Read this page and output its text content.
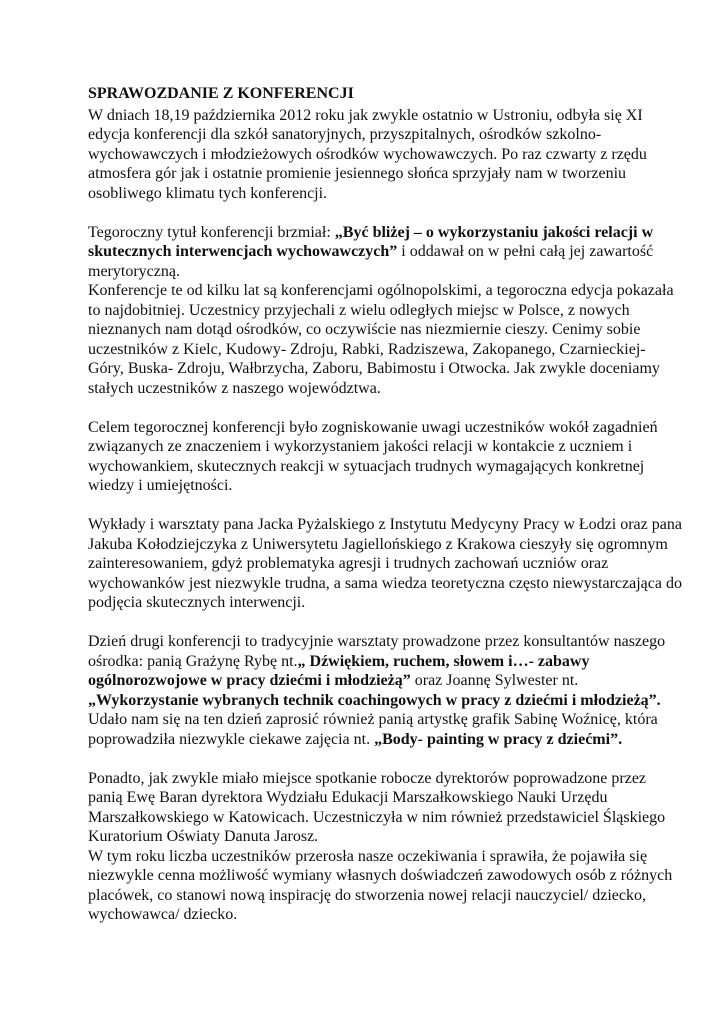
SPRAWOZDANIE Z KONFERENCJI

W dniach 18,19 października 2012 roku jak zwykle ostatnio w Ustroniu, odbyła się XI edycja konferencji dla szkół sanatoryjnych, przyszpitalnych, ośrodków szkolno-wychowawczych i młodzieżowych ośrodków wychowawczych. Po raz czwarty z rzędu atmosfera gór jak i ostatnie promienie jesiennego słońca sprzyjały nam w tworzeniu osobliwego klimatu tych konferencji.

Tegoroczny tytuł konferencji brzmiał: „Być bliżej – o wykorzystaniu jakości relacji w skutecznych interwencjach wychowawczych” i oddawał on w pełni całą jej zawartość merytoryczną.

Konferencje te od kilku lat są konferencjami ogólnopolskimi, a tegoroczna edycja pokazała to najdobitniej. Uczestnicy przyjechali z wielu odległych miejsc w Polsce, z nowych nieznanych nam dotąd ośrodków, co oczywiście nas niezmiernie cieszy. Cenimy sobie uczestników z Kielc, Kudowy- Zdroju, Rabki, Radziszewa, Zakopanego, Czarnieckiej- Góry, Buska- Zdroju, Wałbrzycha, Zaboru, Babimostu i Otwocka. Jak zwykle doceniamy stałych uczestników z naszego województwa.

Celem tegorocznej konferencji było zogniskowanie uwagi uczestników wokół zagadnień związanych ze znaczeniem i wykorzystaniem jakości relacji w kontakcie z uczniem i wychowankiem, skutecznych reakcji w sytuacjach trudnych wymagających konkretnej wiedzy i umiejętności.

Wykłady i warsztaty pana Jacka Pyżalskiego z Instytutu Medycyny Pracy w Łodzi oraz pana Jakuba Kołodziejczyka z Uniwersytetu Jagiellońskiego z Krakowa cieszyły się ogromnym zainteresowaniem, gdyż problematyka agresji i trudnych zachowań uczniów oraz wychowanków jest niezwykle trudna, a sama wiedza teoretyczna często niewystarczająca do podjęcia skutecznych interwencji.

Dzień drugi konferencji to tradycyjnie warsztaty prowadzone przez konsultantów naszego ośrodka: panią Grażynę Rybę nt.„ Dźwiękiem, ruchem, słowem i…- zabawy ogólnorozwojowe w pracy dziećmi i młodzieżą” oraz Joannę Sylwester nt. „Wykorzystanie wybranych technik coachingowych w pracy z dziećmi i młodzieżą”.

Udało nam się na ten dzień zaprosić również panią artystkę grafik Sabinę Woźnicę, która poprowadziła niezwykle ciekawe zajęcia nt. „Body- painting w pracy z dziećmi”.

Ponadto, jak zwykle miało miejsce spotkanie robocze dyrektorów poprowadzone przez panią Ewę Baran dyrektora Wydziału Edukacji Marszałkowskiego Nauki Urzędu Marszałkowskiego w Katowicach. Uczestniczyła w nim również przedstawiciel Śląskiego Kuratorium Oświaty Danuta Jarosz.

W tym roku liczba uczestników przerosła nasze oczekiwania i sprawiła, że pojawiła się niezwykle cenna możliwość wymiany własnych doświadczeń zawodowych osób z różnych placówek, co stanowi nową inspirację do stworzenia nowej relacji nauczyciel/ dziecko, wychowawca/ dziecko.
